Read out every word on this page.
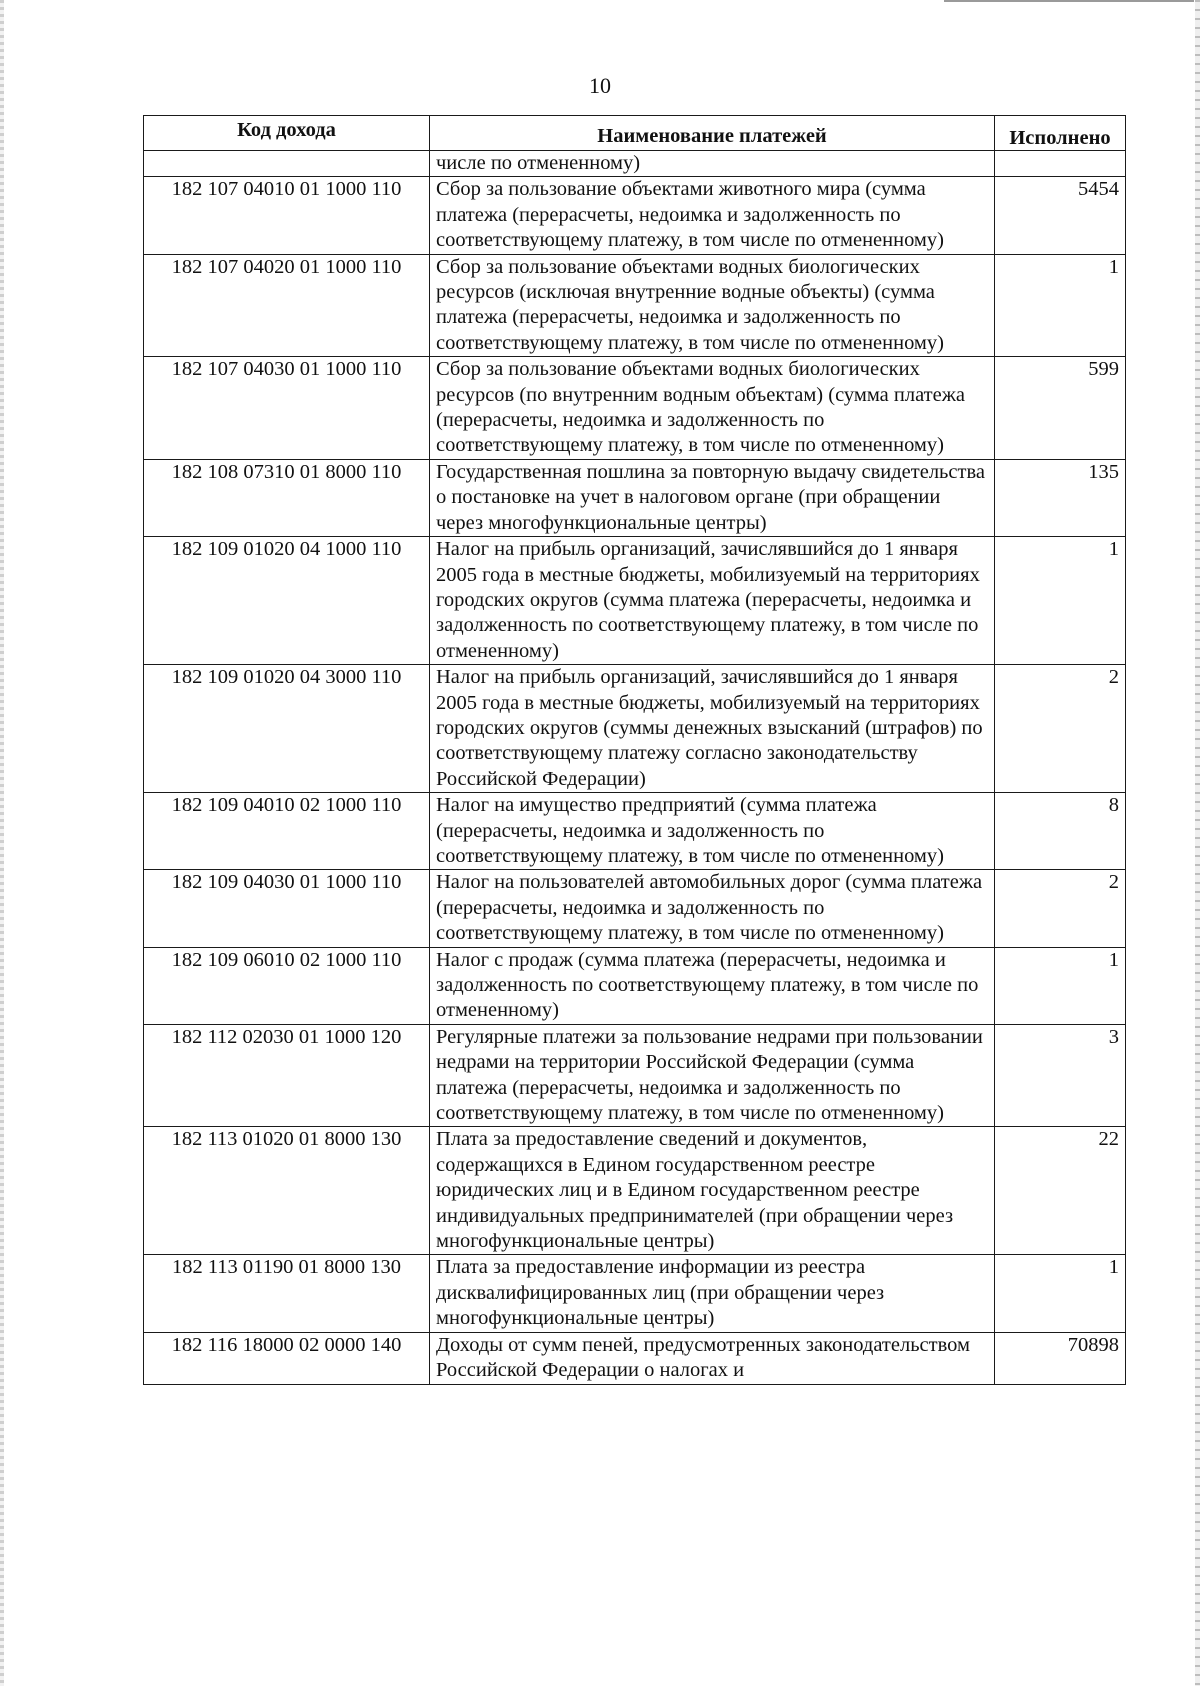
10
Код дохода	Наименование платежей	Исполнено
	числе по отмененному)	
182 107 04010 01 1000 110	Сбор за пользование объектами животного мира (сумма платежа (перерасчеты, недоимка и задолженность по соответствующему платежу, в том числе по отмененному)	5454
182 107 04020 01 1000 110	Сбор за пользование объектами водных биологических ресурсов (исключая внутренние водные объекты) (сумма платежа (перерасчеты, недоимка и задолженность по соответствующему платежу, в том числе по отмененному)	1
182 107 04030 01 1000 110	Сбор за пользование объектами водных биологических ресурсов (по внутренним водным объектам) (сумма платежа (перерасчеты, недоимка и задолженность по соответствующему платежу, в том числе по отмененному)	599
182 108 07310 01 8000 110	Государственная пошлина за повторную выдачу свидетельства о постановке на учет в налоговом органе (при обращении через многофункциональные центры)	135
182 109 01020 04 1000 110	Налог на прибыль организаций, зачислявшийся до 1 января 2005 года в местные бюджеты, мобилизуемый на территориях городских округов (сумма платежа (перерасчеты, недоимка и задолженность по соответствующему платежу, в том числе по отмененному)	1
182 109 01020 04 3000 110	Налог на прибыль организаций, зачислявшийся до 1 января 2005 года в местные бюджеты, мобилизуемый на территориях городских округов (суммы денежных взысканий (штрафов) по соответствующему платежу согласно законодательству Российской Федерации)	2
182 109 04010 02 1000 110	Налог на имущество предприятий (сумма платежа (перерасчеты, недоимка и задолженность по соответствующему платежу, в том числе по отмененному)	8
182 109 04030 01 1000 110	Налог на пользователей автомобильных дорог (сумма платежа (перерасчеты, недоимка и задолженность по соответствующему платежу, в том числе по отмененному)	2
182 109 06010 02 1000 110	Налог с продаж (сумма платежа (перерасчеты, недоимка и задолженность по соответствующему платежу, в том числе по отмененному)	1
182 112 02030 01 1000 120	Регулярные платежи за пользование недрами при пользовании недрами на территории Российской Федерации (сумма платежа (перерасчеты, недоимка и задолженность по соответствующему платежу, в том числе по отмененному)	3
182 113 01020 01 8000 130	Плата за предоставление сведений и документов, содержащихся в Едином государственном реестре юридических лиц и в Едином государственном реестре индивидуальных предпринимателей (при обращении через многофункциональные центры)	22
182 113 01190 01 8000 130	Плата за предоставление информации из реестра дисквалифицированных лиц (при обращении через многофункциональные центры)	1
182 116 18000 02 0000 140	Доходы от сумм пеней, предусмотренных законодательством Российской Федерации о налогах и	70898
